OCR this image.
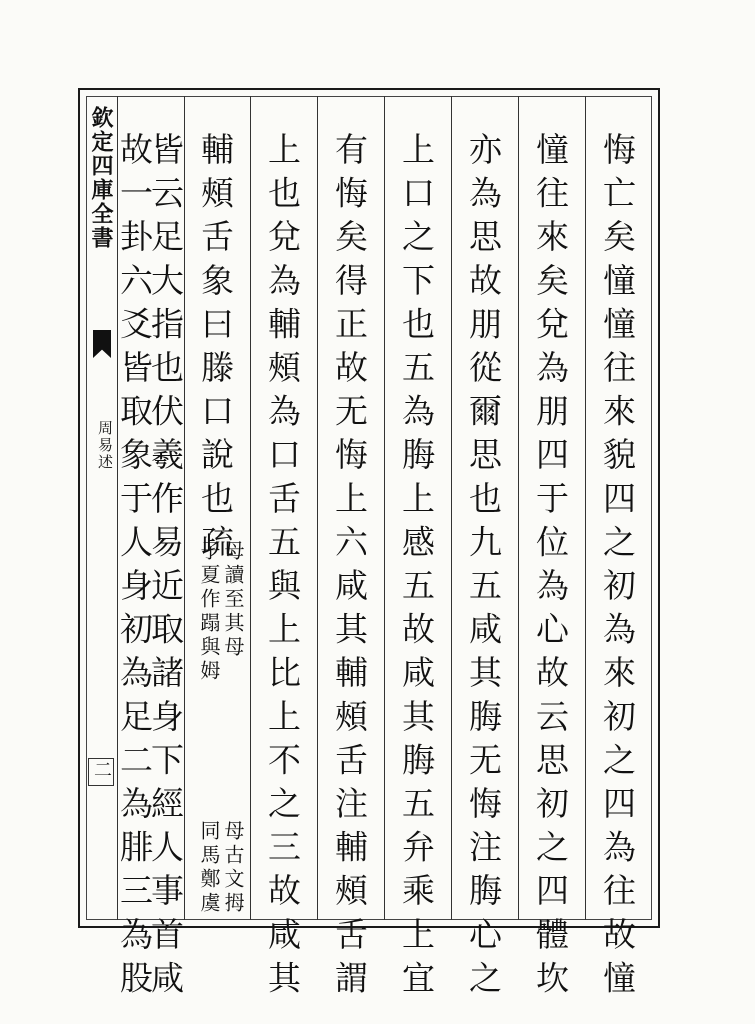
欽定四庫全書
周易述
二	悔亡矣憧憧往來貌四之初為來初之四為往故憧
憧往來矣兌為朋四于位為心故云思初之四體坎
亦為思故朋從爾思也九五咸其脢无悔注脢心之
上口之下也五為脢上感五故咸其脢五弁乘上宜
有悔矣得正故无悔上六咸其輔頰舌注輔頰舌謂
上也兌為輔頰為口舌五與上比上不之三故咸其
輔頰舌象曰滕口說也疏
母讀至其母
子夏作蹋與姆
母古文拇
同馬鄭虞
皆云足大指也伏羲作易近取諸身下經人事首咸
故一卦六爻皆取象于人身初為足二為腓三為股
